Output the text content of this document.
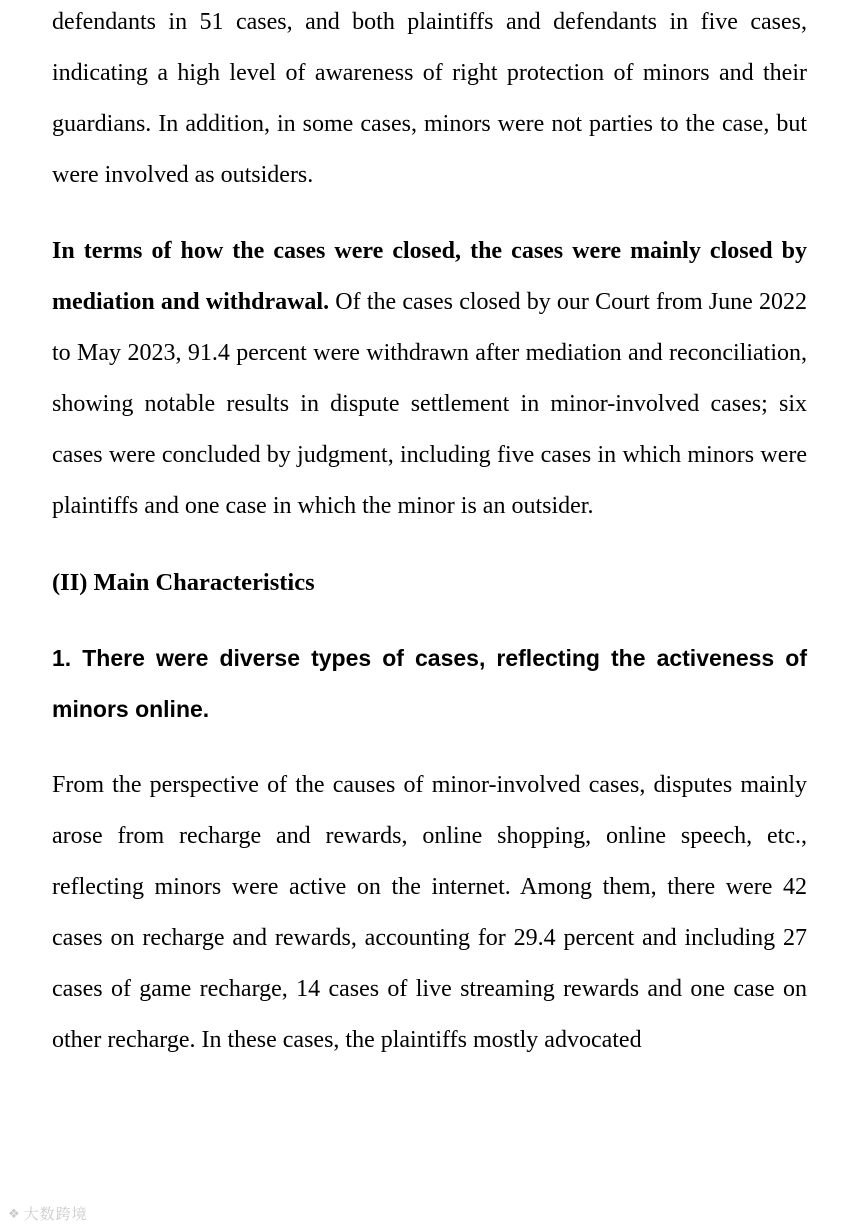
defendants in 51 cases, and both plaintiffs and defendants in five cases, indicating a high level of awareness of right protection of minors and their guardians. In addition, in some cases, minors were not parties to the case, but were involved as outsiders.

In terms of how the cases were closed, the cases were mainly closed by mediation and withdrawal. Of the cases closed by our Court from June 2022 to May 2023, 91.4 percent were withdrawn after mediation and reconciliation, showing notable results in dispute settlement in minor-involved cases; six cases were concluded by judgment, including five cases in which minors were plaintiffs and one case in which the minor is an outsider.

(II) Main Characteristics
1. There were diverse types of cases, reflecting the activeness of minors online.

From the perspective of the causes of minor-involved cases, disputes mainly arose from recharge and rewards, online shopping, online speech, etc., reflecting minors were active on the internet. Among them, there were 42 cases on recharge and rewards, accounting for 29.4 percent and including 27 cases of game recharge, 14 cases of live streaming rewards and one case on other recharge. In these cases, the plaintiffs mostly advocated

❖ 大数跨境
